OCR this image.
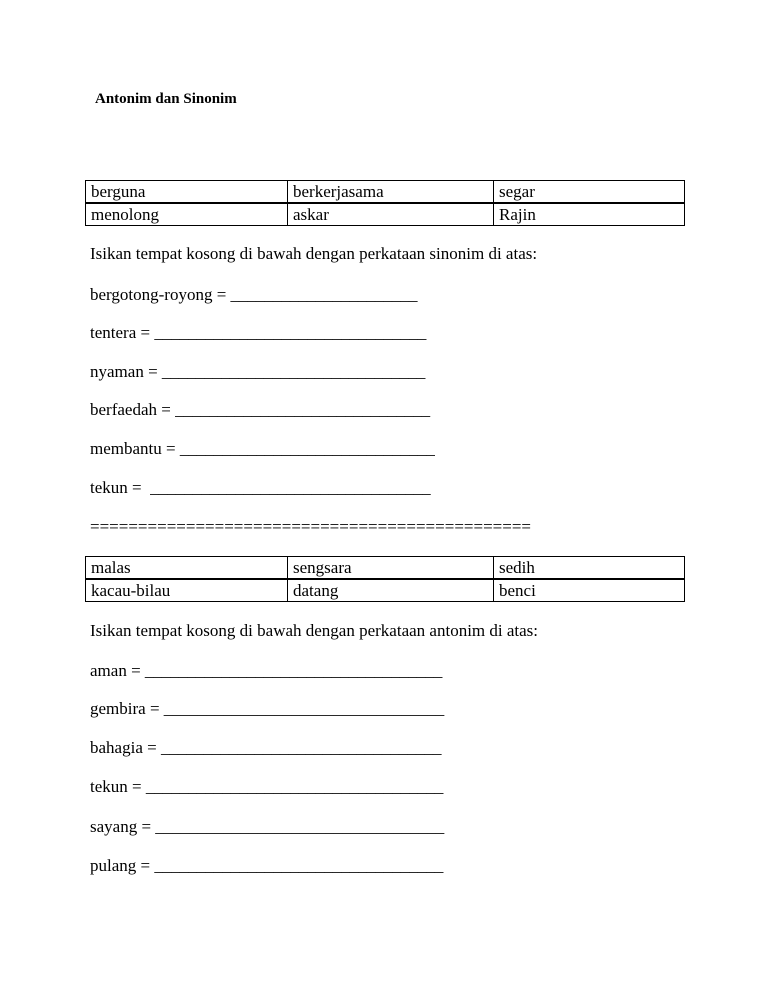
Antonim dan Sinonim
berguna	berkerjasama	segar
menolong	askar	Rajin
Isikan tempat kosong di bawah dengan perkataan sinonim di atas:
bergotong-royong = ______________________
tentera = ________________________________
nyaman = _______________________________
berfaedah = ______________________________
membantu = ______________________________
tekun =  _________________________________
==============================================
malas	sengsara	sedih
kacau-bilau	datang	benci
Isikan tempat kosong di bawah dengan perkataan antonim di atas:
aman = ___________________________________
gembira = _________________________________
bahagia = _________________________________
tekun = ___________________________________
sayang = __________________________________
pulang = __________________________________
